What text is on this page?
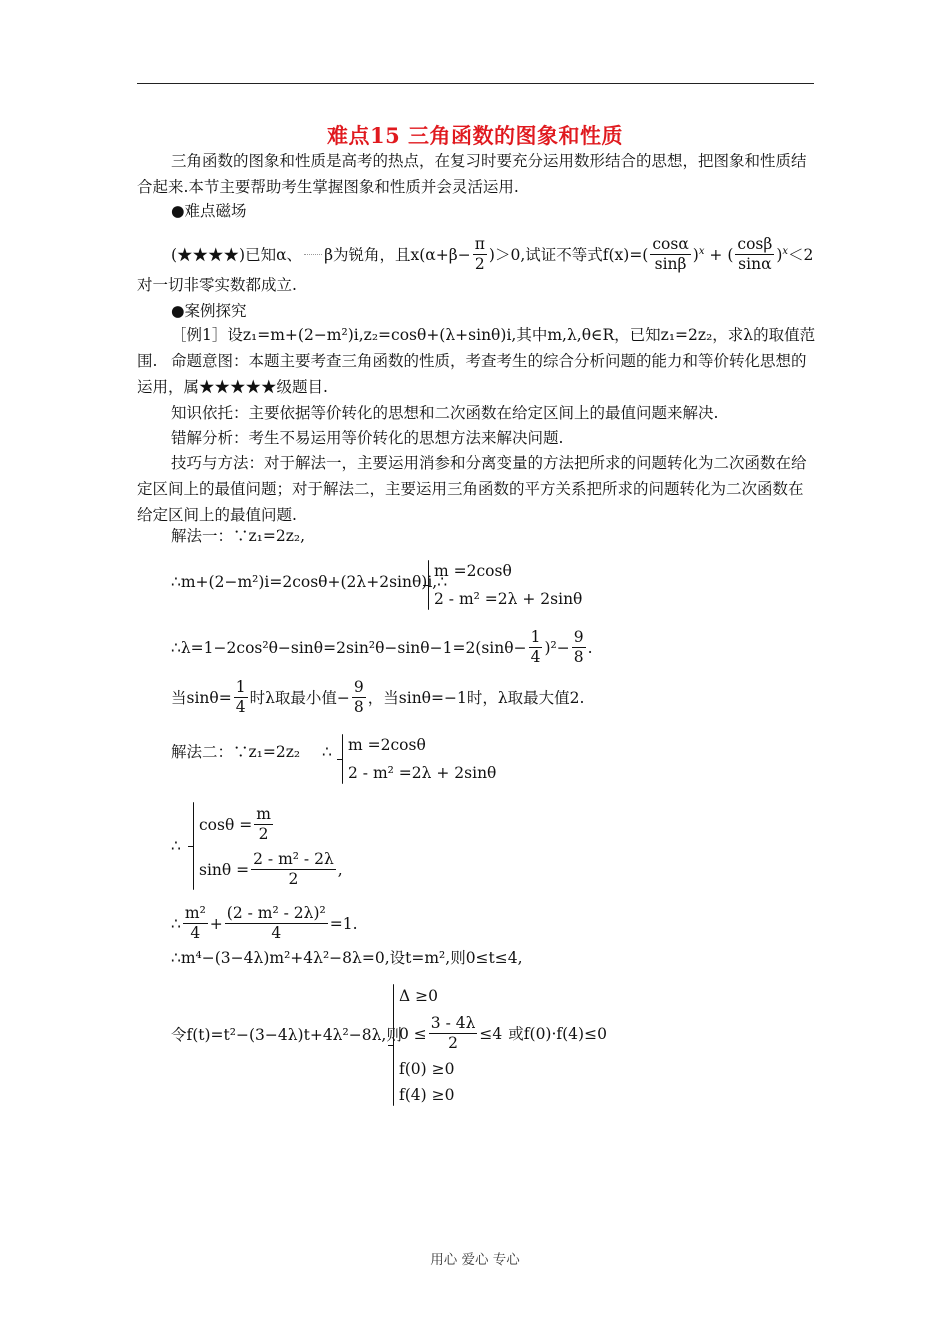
难点15 三角函数的图象和性质

三角函数的图象和性质是高考的热点，在复习时要充分运用数形结合的思想，把图象和性质结合起来.本节主要帮助考生掌握图象和性质并会灵活运用.

●难点磁场
(★★★★)已知α、 β为锐角，且$x(\alpha+\beta- \frac{\pi}{2} )>0$,试证不等式$f(x)=( \frac{\cos\alpha}{\sin\beta} )^x$ + ( $\frac{\cos\beta}{\sin\alpha} )^x <2$
对一切非零实数都成立.
●案例探究

［例1］设z₁=m+(2−m²)i,z₂=cosθ+(λ+sinθ)i,其中m,λ,θ∈R，已知z₁=2z₂，求λ的取值范围. 命题意图：本题主要考查三角函数的性质，考查考生的综合分析问题的能力和等价转化思想的运用，属★★★★★级题目.

知识依托：主要依据等价转化的思想和二次函数在给定区间上的最值问题来解决.

错解分析：考生不易运用等价转化的思想方法来解决问题.

技巧与方法：对于解法一，主要运用消参和分离变量的方法把所求的问题转化为二次函数在给定区间上的最值问题；对于解法二，主要运用三角函数的平方关系把所求的问题转化为二次函数在给定区间上的最值问题.

解法一：∵z₁=2z₂,
∴m+(2−m²)i=2cosθ+(2λ+2sinθ)i,∴
m =2cosθ
2 - m² =2λ + 2sinθ
∴λ=1−2cos²θ−sinθ=2sin²θ−sinθ−1=2(sinθ− $\frac{1}{4} )^2- \frac{9}{8}$ .
当$\sin\theta= \frac{1}{4}$ 时λ取最小值− $\frac{9}{8}$ ，当sinθ=−1时，λ取最大值2.
解法二：∵z₁=2z₂ ∴ m =2cosθ
2 - m² =2λ + 2sinθ
∴
$\cos\theta = \frac{m}{2}$
$\sin\theta = \frac{\text{2 - m² - 2λ}}{2}$ ,
∴ $\frac{\text{m²}}{4} + \frac{\text{(2 - m² - 2λ)²}}{4} =1$.
∴m⁴−(3−4λ)m²+4λ²−8λ=0,设t=m²,则0≤t≤4,
令f(t)=t²−(3−4λ)t+4λ²−8λ,则
Δ ≥0
$0 \le \frac{3 - 4\lambda}{2} \le 4$ 或f(0)·f(4)≤0
f(0) ≥0
f(4) ≥0
用心 爱心 专心
